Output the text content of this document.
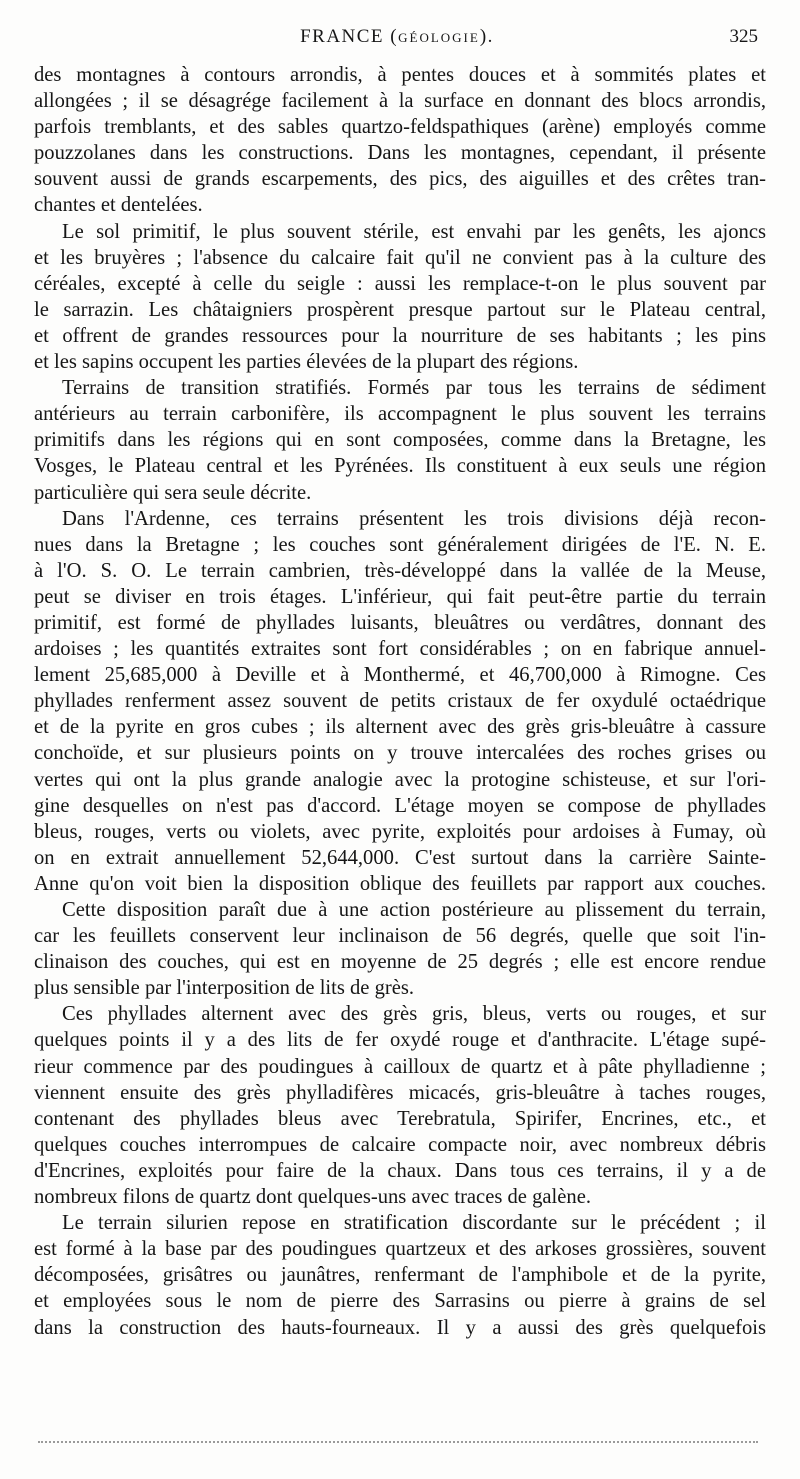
FRANCE (GÉOLOGIE).	325
des montagnes à contours arrondis, à pentes douces et à sommités plates et
allongées ; il se désagrége facilement à la surface en donnant des blocs arrondis,
parfois tremblants, et des sables quartzo-feldspathiques (arène) employés comme
pouzzolanes dans les constructions. Dans les montagnes, cependant, il présente
souvent aussi de grands escarpements, des pics, des aiguilles et des crêtes tran-
chantes et dentelées.
Le sol primitif, le plus souvent stérile, est envahi par les genêts, les ajoncs
et les bruyères ; l'absence du calcaire fait qu'il ne convient pas à la culture des
céréales, excepté à celle du seigle : aussi les remplace-t-on le plus souvent par
le sarrazin. Les châtaigniers prospèrent presque partout sur le Plateau central,
et offrent de grandes ressources pour la nourriture de ses habitants ; les pins
et les sapins occupent les parties élevées de la plupart des régions.
Terrains de transition stratifiés. Formés par tous les terrains de sédiment
antérieurs au terrain carbonifère, ils accompagnent le plus souvent les terrains
primitifs dans les régions qui en sont composées, comme dans la Bretagne, les
Vosges, le Plateau central et les Pyrénées. Ils constituent à eux seuls une région
particulière qui sera seule décrite.
Dans l'Ardenne, ces terrains présentent les trois divisions déjà recon-
nues dans la Bretagne ; les couches sont généralement dirigées de l'E. N. E.
à l'O. S. O. Le terrain cambrien, très-développé dans la vallée de la Meuse,
peut se diviser en trois étages. L'inférieur, qui fait peut-être partie du terrain
primitif, est formé de phyllades luisants, bleuâtres ou verdâtres, donnant des
ardoises ; les quantités extraites sont fort considérables ; on en fabrique annuel-
lement 25,685,000 à Deville et à Monthermé, et 46,700,000 à Rimogne. Ces
phyllades renferment assez souvent de petits cristaux de fer oxydulé octaédrique
et de la pyrite en gros cubes ; ils alternent avec des grès gris-bleuâtre à cassure
conchoïde, et sur plusieurs points on y trouve intercalées des roches grises ou
vertes qui ont la plus grande analogie avec la protogine schisteuse, et sur l'ori-
gine desquelles on n'est pas d'accord. L'étage moyen se compose de phyllades
bleus, rouges, verts ou violets, avec pyrite, exploités pour ardoises à Fumay, où
on en extrait annuellement 52,644,000. C'est surtout dans la carrière Sainte-
Anne qu'on voit bien la disposition oblique des feuillets par rapport aux couches.
Cette disposition paraît due à une action postérieure au plissement du terrain,
car les feuillets conservent leur inclinaison de 56 degrés, quelle que soit l'in-
clinaison des couches, qui est en moyenne de 25 degrés ; elle est encore rendue
plus sensible par l'interposition de lits de grès.
Ces phyllades alternent avec des grès gris, bleus, verts ou rouges, et sur
quelques points il y a des lits de fer oxydé rouge et d'anthracite. L'étage supé-
rieur commence par des poudingues à cailloux de quartz et à pâte phylladienne ;
viennent ensuite des grès phylladifères micacés, gris-bleuâtre à taches rouges,
contenant des phyllades bleus avec Terebratula, Spirifer, Encrines, etc., et
quelques couches interrompues de calcaire compacte noir, avec nombreux débris
d'Encrines, exploités pour faire de la chaux. Dans tous ces terrains, il y a de
nombreux filons de quartz dont quelques-uns avec traces de galène.
Le terrain silurien repose en stratification discordante sur le précédent ; il
est formé à la base par des poudingues quartzeux et des arkoses grossières, souvent
décomposées, grisâtres ou jaunâtres, renfermant de l'amphibole et de la pyrite,
et employées sous le nom de pierre des Sarrasins ou pierre à grains de sel
dans la construction des hauts-fourneaux. Il y a aussi des grès quelquefois
